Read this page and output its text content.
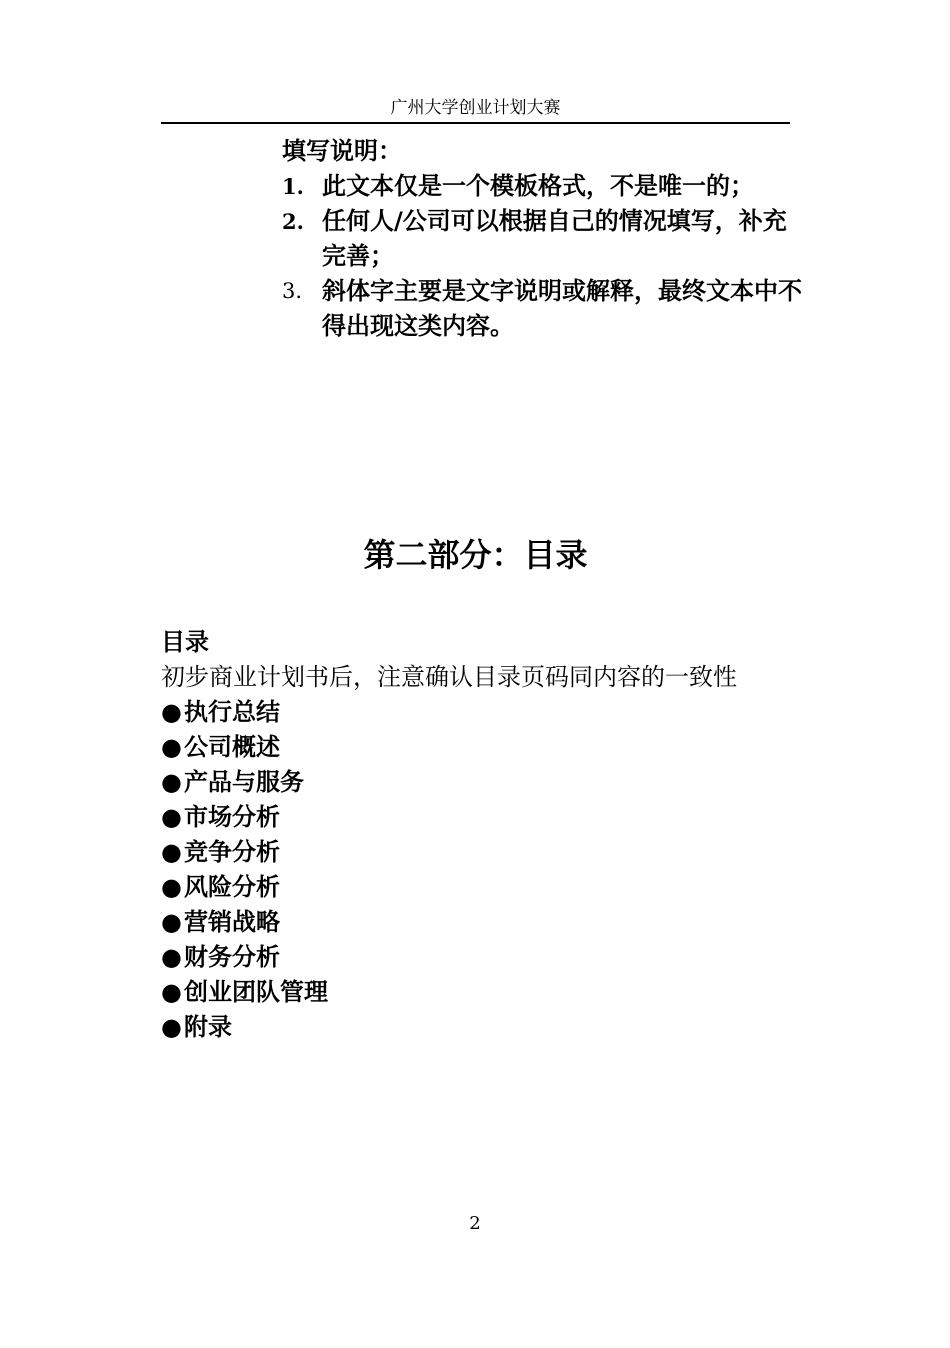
广州大学创业计划大赛

填写说明：

1. 此文本仅是一个模板格式，不是唯一的；
2. 任何人/公司可以根据自己的情况填写，补充完善；
3. 斜体字主要是文字说明或解释，最终文本中不得出现这类内容。
第二部分：目录

目录

初步商业计划书后，注意确认目录页码同内容的一致性

●执行总结
●公司概述
●产品与服务
●市场分析
●竞争分析
●风险分析
●营销战略
●财务分析
●创业团队管理
●附录
2
